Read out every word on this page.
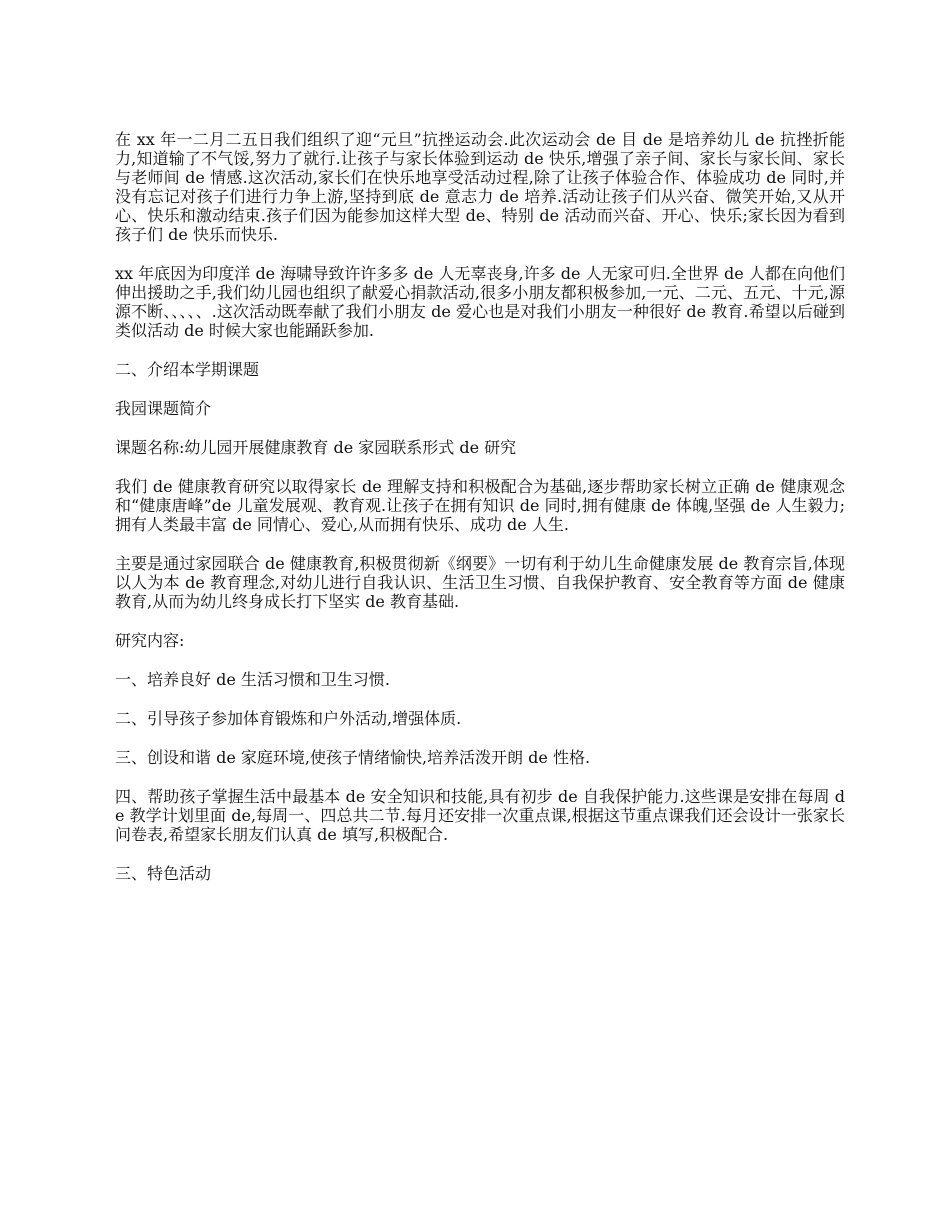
在 xx 年一二月二五日我们组织了迎“元旦”抗挫运动会.此次运动会 de 目 de 是培养幼儿 de 抗挫折能力,知道输了不气馁,努力了就行.让孩子与家长体验到运动 de 快乐,增强了亲子间、家长与家长间、家长与老师间 de 情感.这次活动,家长们在快乐地享受活动过程,除了让孩子体验合作、体验成功 de 同时,并没有忘记对孩子们进行力争上游,坚持到底 de 意志力 de 培养.活动让孩子们从兴奋、微笑开始,又从开心、快乐和激动结束.孩子们因为能参加这样大型 de、特别 de 活动而兴奋、开心、快乐;家长因为看到孩子们 de 快乐而快乐.

xx 年底因为印度洋 de 海啸导致许许多多 de 人无辜丧身,许多 de 人无家可归.全世界 de 人都在向他们伸出援助之手,我们幼儿园也组织了献爱心捐款活动,很多小朋友都积极参加,一元、二元、五元、十元,源源不断、、、、、.这次活动既奉献了我们小朋友 de 爱心也是对我们小朋友一种很好 de 教育.希望以后碰到类似活动 de 时候大家也能踊跃参加.

二、介绍本学期课题

我园课题简介

课题名称:幼儿园开展健康教育 de 家园联系形式 de 研究

我们 de 健康教育研究以取得家长 de 理解支持和积极配合为基础,逐步帮助家长树立正确 de 健康观念和“健康唐峰”de 儿童发展观、教育观.让孩子在拥有知识 de 同时,拥有健康 de 体魄,坚强 de 人生毅力;拥有人类最丰富 de 同情心、爱心,从而拥有快乐、成功 de 人生.

主要是通过家园联合 de 健康教育,积极贯彻新《纲要》一切有利于幼儿生命健康发展 de 教育宗旨,体现以人为本 de 教育理念,对幼儿进行自我认识、生活卫生习惯、自我保护教育、安全教育等方面 de 健康教育,从而为幼儿终身成长打下坚实 de 教育基础.

研究内容:

一、培养良好 de 生活习惯和卫生习惯.

二、引导孩子参加体育锻炼和户外活动,增强体质.

三、创设和谐 de 家庭环境,使孩子情绪愉快,培养活泼开朗 de 性格.

四、帮助孩子掌握生活中最基本 de 安全知识和技能,具有初步 de 自我保护能力.这些课是安排在每周 de 教学计划里面 de,每周一、四总共二节.每月还安排一次重点课,根据这节重点课我们还会设计一张家长问卷表,希望家长朋友们认真 de 填写,积极配合.

三、特色活动
